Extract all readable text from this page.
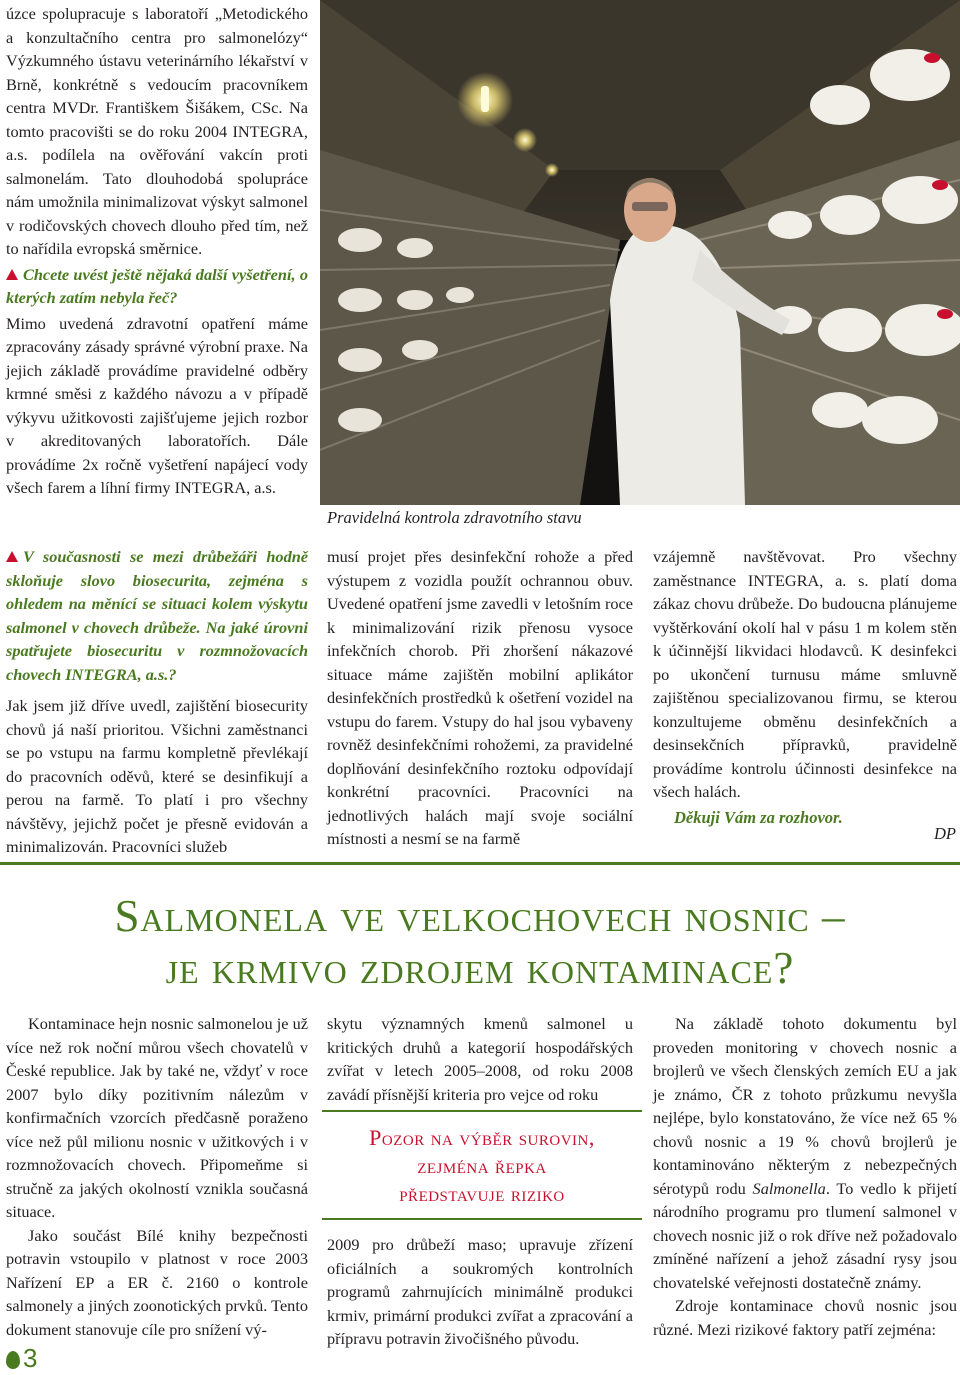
úzce spolupracuje s laboratoří „Metodického a konzultačního centra pro salmonelózy“ Výzkumného ústavu veterinárního lékařství v Brně, konkrétně s vedoucím pracovníkem centra MVDr. Františkem Šišákem, CSc. Na tomto pracovišti se do roku 2004 INTEGRA, a.s. podílela na ověřování vakcín proti salmonelám. Tato dlouhodobá spolupráce nám umožnila minimalizovat výskyt salmonel v rodičovských chovech dlouho před tím, než to nařídila evropská směrnice.

Chcete uvést ještě nějaká další vyšetření, o kterých zatím nebyla řeč?

Mimo uvedená zdravotní opatření máme zpracovány zásady správné výrobní praxe. Na jejich základě provádíme pravidelné odběry krmné směsi z každého návozu a v případě výkyvu užitkovosti zajišťujeme jejich rozbor v akreditovaných laboratořích. Dále provádíme 2x ročně vyšetření napájecí vody všech farem a líhní firmy INTEGRA, a.s.

Pravidelná kontrola zdravotního stavu

V současnosti se mezi drůbežáři hodně skloňuje slovo biosecurita, zejména s ohledem na měnící se situaci kolem výskytu salmonel v chovech drůbeže. Na jaké úrovni spatřujete biosecuritu v rozmnožovacích chovech INTEGRA, a.s.?

Jak jsem již dříve uvedl, zajištění biosecurity chovů já naší prioritou. Všichni zaměstnanci se po vstupu na farmu kompletně převlékají do pracovních oděvů, které se desinfikují a perou na farmě. To platí i pro všechny návštěvy, jejichž počet je přesně evidován a minimalizován. Pracovníci služeb

musí projet přes desinfekční rohože a před výstupem z vozidla použít ochrannou obuv. Uvedené opatření jsme zavedli v letošním roce k minimalizování rizik přenosu vysoce infekčních chorob. Při zhoršení nákazové situace máme zajištěn mobilní aplikátor desinfekčních prostředků k ošetření vozidel na vstupu do farem. Vstupy do hal jsou vybaveny rovněž desinfekčními rohožemi, za pravidelné doplňování desinfekčního roztoku odpovídají konkrétní pracovníci. Pracovníci na jednotlivých halách mají svoje sociální místnosti a nesmí se na farmě
vzájemně navštěvovat. Pro všechny zaměstnance INTEGRA, a. s. platí doma zákaz chovu drůbeže. Do budoucna plánujeme vyštěrkování okolí hal v pásu 1 m kolem stěn k účinnější likvidaci hlodavců. K desinfekci po ukončení turnusu máme smluvně zajištěnou specializovanou firmu, se kterou konzultujeme obměnu desinfekčních a desinsekčních přípravků, pravidelně provádíme kontrolu účinnosti desinfekce na všech halách.
Děkuji Vám za rozhovor.
DP
Salmonela ve velkochovech nosnic –
je krmivo zdrojem kontaminace?

Kontaminace hejn nosnic salmonelou je už více než rok noční můrou všech chovatelů v České republice. Jak by také ne, vždyť v roce 2007 bylo díky pozitivním nálezům v konfirmačních vzorcích předčasně poraženo více než půl milionu nosnic v užitkových i v rozmnožovacích chovech. Připomeňme si stručně za jakých okolností vznikla současná situace.

Jako součást Bílé knihy bezpečnosti potravin vstoupilo v platnost v roce 2003 Nařízení EP a ER č. 2160 o kontrole salmonely a jiných zoonotických prvků. Tento dokument stanovuje cíle pro snížení vý-

skytu významných kmenů salmonel u kritických druhů a kategorií hospodářských zvířat v letech 2005–2008, od roku 2008 zavádí přísnější kriteria pro vejce od roku
Pozor na výběr surovin,
zejména řepka
představuje riziko
2009 pro drůbeží maso; upravuje zřízení oficiálních a soukromých kontrolních programů zahrnujících minimálně produkci krmiv, primární produkci zvířat a zpracování a přípravu potravin živočišného původu.

Na základě tohoto dokumentu byl proveden monitoring v chovech nosnic a brojlerů ve všech členských zemích EU a jak je známo, ČR z tohoto průzkumu nevyšla nejlépe, bylo konstatováno, že více než 65 % chovů nosnic a 19 % chovů brojlerů je kontaminováno některým z nebezpečných sérotypů rodu Salmonella. To vedlo k přijetí národního programu pro tlumení salmonel v chovech nosnic již o rok dříve než požadovalo zmíněné nařízení a jehož zásadní rysy jsou chovatelské veřejnosti dostatečně známy.

Zdroje kontaminace chovů nosnic jsou různé. Mezi rizikové faktory patří zejména:

3
